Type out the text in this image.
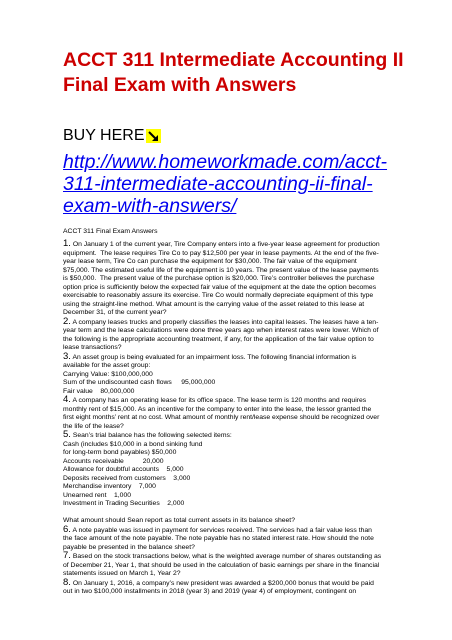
ACCT 311 Intermediate Accounting II
Final Exam with Answers
BUY HERE

http://www.homeworkmade.com/acct-
311-intermediate-accounting-ii-final-
exam-with-answers/

ACCT 311 Final Exam Answers
1. On January 1 of the current year, Tire Company enters into a five-year lease agreement for production
equipment.  The lease requires Tire Co to pay $12,500 per year in lease payments. At the end of the five-
year lease term, Tire Co can purchase the equipment for $30,000. The fair value of the equipment
$75,000. The estimated useful life of the equipment is 10 years. The present value of the lease payments
is $50,000.  The present value of the purchase option is $20,000. Tire’s controller believes the purchase
option price is sufficiently below the expected fair value of the equipment at the date the option becomes
exercisable to reasonably assure its exercise. Tire Co would normally depreciate equipment of this type
using the straight-line method. What amount is the carrying value of the asset related to this lease at
December 31, of the current year?
2. A company leases trucks and properly classifies the leases into capital leases. The leases have a ten-
year term and the lease calculations were done three years ago when interest rates were lower. Which of
the following is the appropriate accounting treatment, if any, for the application of the fair value option to
lease transactions?
3. An asset group is being evaluated for an impairment loss. The following financial information is
available for the asset group:
Carrying Value: $100,000,000
Sum of the undiscounted cash flows     95,000,000
Fair value    80,000,000
4. A company has an operating lease for its office space. The lease term is 120 months and requires
monthly rent of $15,000. As an incentive for the company to enter into the lease, the lessor granted the
first eight months’ rent at no cost. What amount of monthly rent/lease expense should be recognized over
the life of the lease?
5. Sean’s trial balance has the following selected items:
Cash (includes $10,000 in a bond sinking fund
for long-term bond payables) $50,000
Accounts receivable          20,000
Allowance for doubtful accounts    5,000
Deposits received from customers    3,000
Merchandise inventory    7,000
Unearned rent    1,000
Investment in Trading Securities    2,000
What amount should Sean report as total current assets in its balance sheet?
6. A note payable was issued in payment for services received. The services had a fair value less than
the face amount of the note payable. The note payable has no stated interest rate. How should the note
payable be presented in the balance sheet?
7. Based on the stock transactions below, what is the weighted average number of shares outstanding as
of December 21, Year 1, that should be used in the calculation of basic earnings per share in the financial
statements issued on March 1, Year 2?
8. On January 1, 2016, a company’s new president was awarded a $200,000 bonus that would be paid
out in two $100,000 installments in 2018 (year 3) and 2019 (year 4) of employment, contingent on
